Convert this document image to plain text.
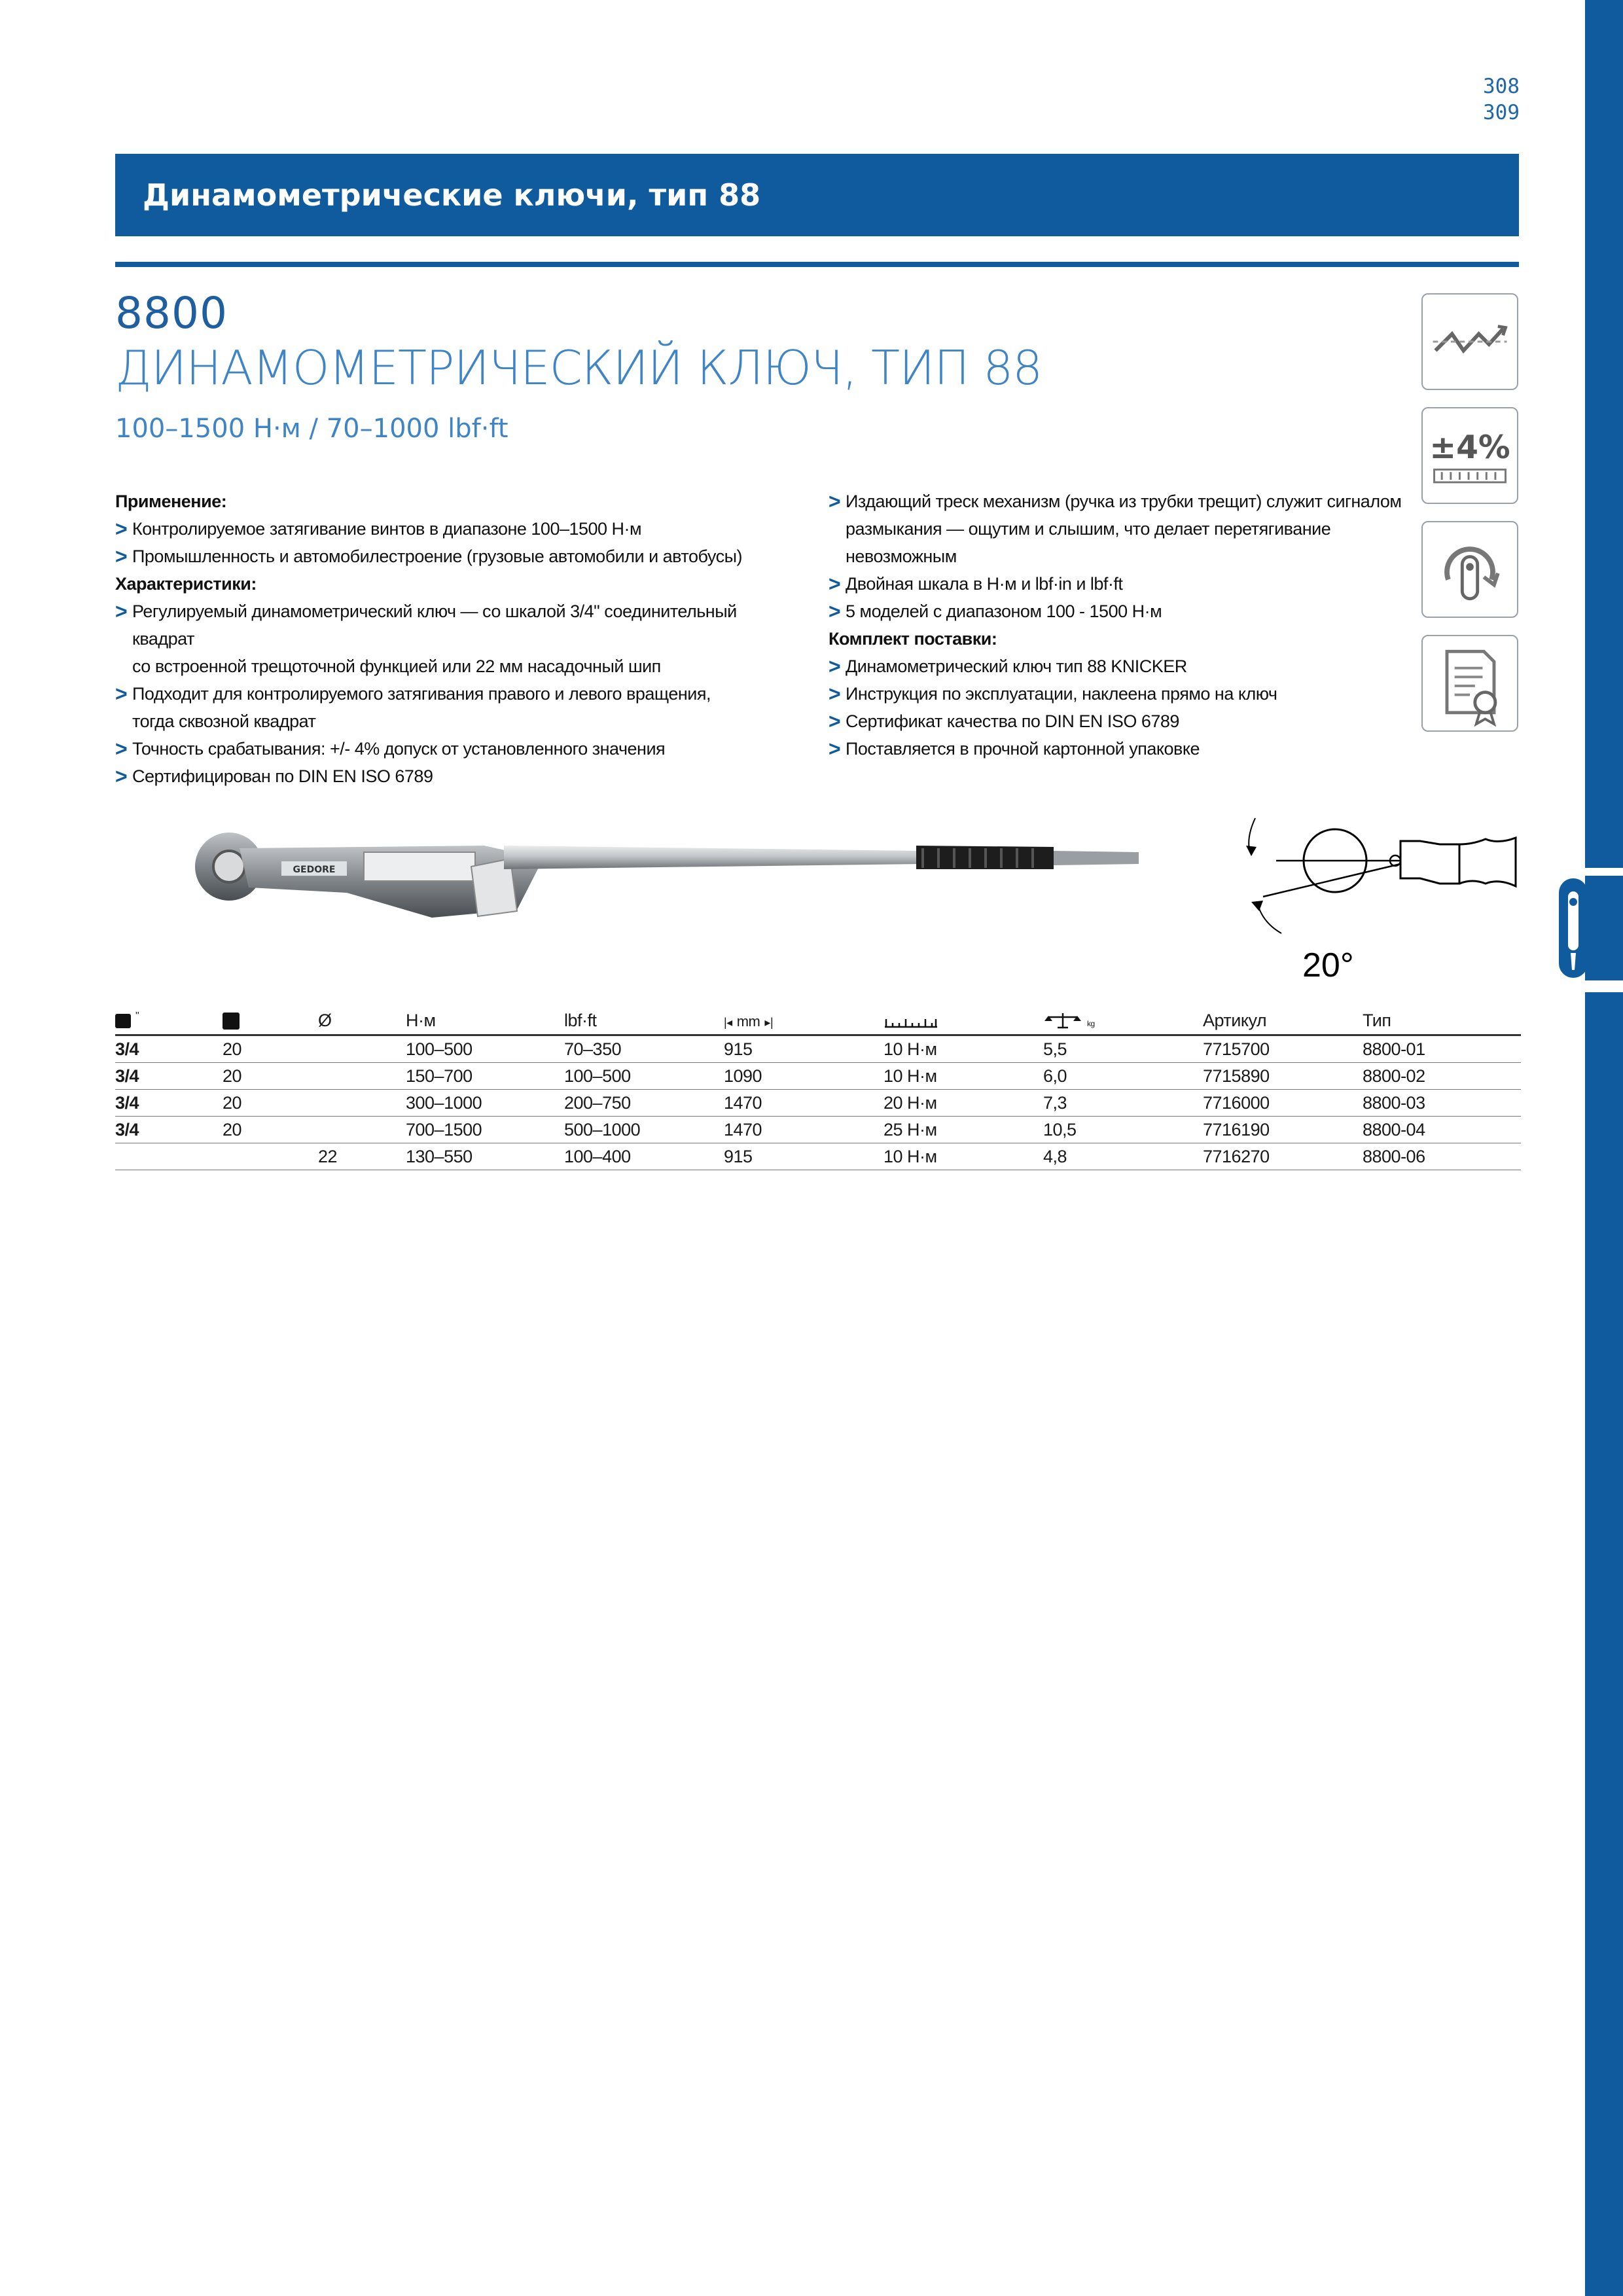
308
309
Динамометрические ключи, тип 88
8800
ДИНАМОМЕТРИЧЕСКИЙ КЛЮЧ, ТИП 88
100–1500 Н·м / 70–1000 lbf·ft
Применение:
> Контролируемое затягивание винтов в диапазоне 100–1500 Н·м
> Промышленность и автомобилестроение (грузовые автомобили и автобусы)
Характеристики:
> Регулируемый динамометрический ключ — со шкалой 3/4" соединительный квадрат
со встроенной трещоточной функцией или 22 мм насадочный шип
> Подходит для контролируемого затягивания правого и левого вращения,
тогда сквозной квадрат
> Точность срабатывания: +/- 4% допуск от установленного значения
> Сертифицирован по DIN EN ISO 6789
> Издающий треск механизм (ручка из трубки трещит) служит сигналом
размыкания — ощутим и слышим, что делает перетягивание невозможным
> Двойная шкала в Н·м и lbf·in и lbf·ft
> 5 моделей с диапазоном 100 - 1500 Н·м
Комплект поставки:
> Динамометрический ключ тип 88 KNICKER
> Инструкция по эксплуатации, наклеена прямо на ключ
> Сертификат качества по DIN EN ISO 6789
> Поставляется в прочной картонной упаковке
±4%
GEDORE
20°
"		Ø	Н·м	lbf·ft	|◂ mm ▸|		kg	Артикул	Тип
3/4	20		100–500	70–350	915	10 Н·м	5,5	7715700	8800-01
3/4	20		150–700	100–500	1090	10 Н·м	6,0	7715890	8800-02
3/4	20		300–1000	200–750	1470	20 Н·м	7,3	7716000	8800-03
3/4	20		700–1500	500–1000	1470	25 Н·м	10,5	7716190	8800-04
		22	130–550	100–400	915	10 Н·м	4,8	7716270	8800-06
